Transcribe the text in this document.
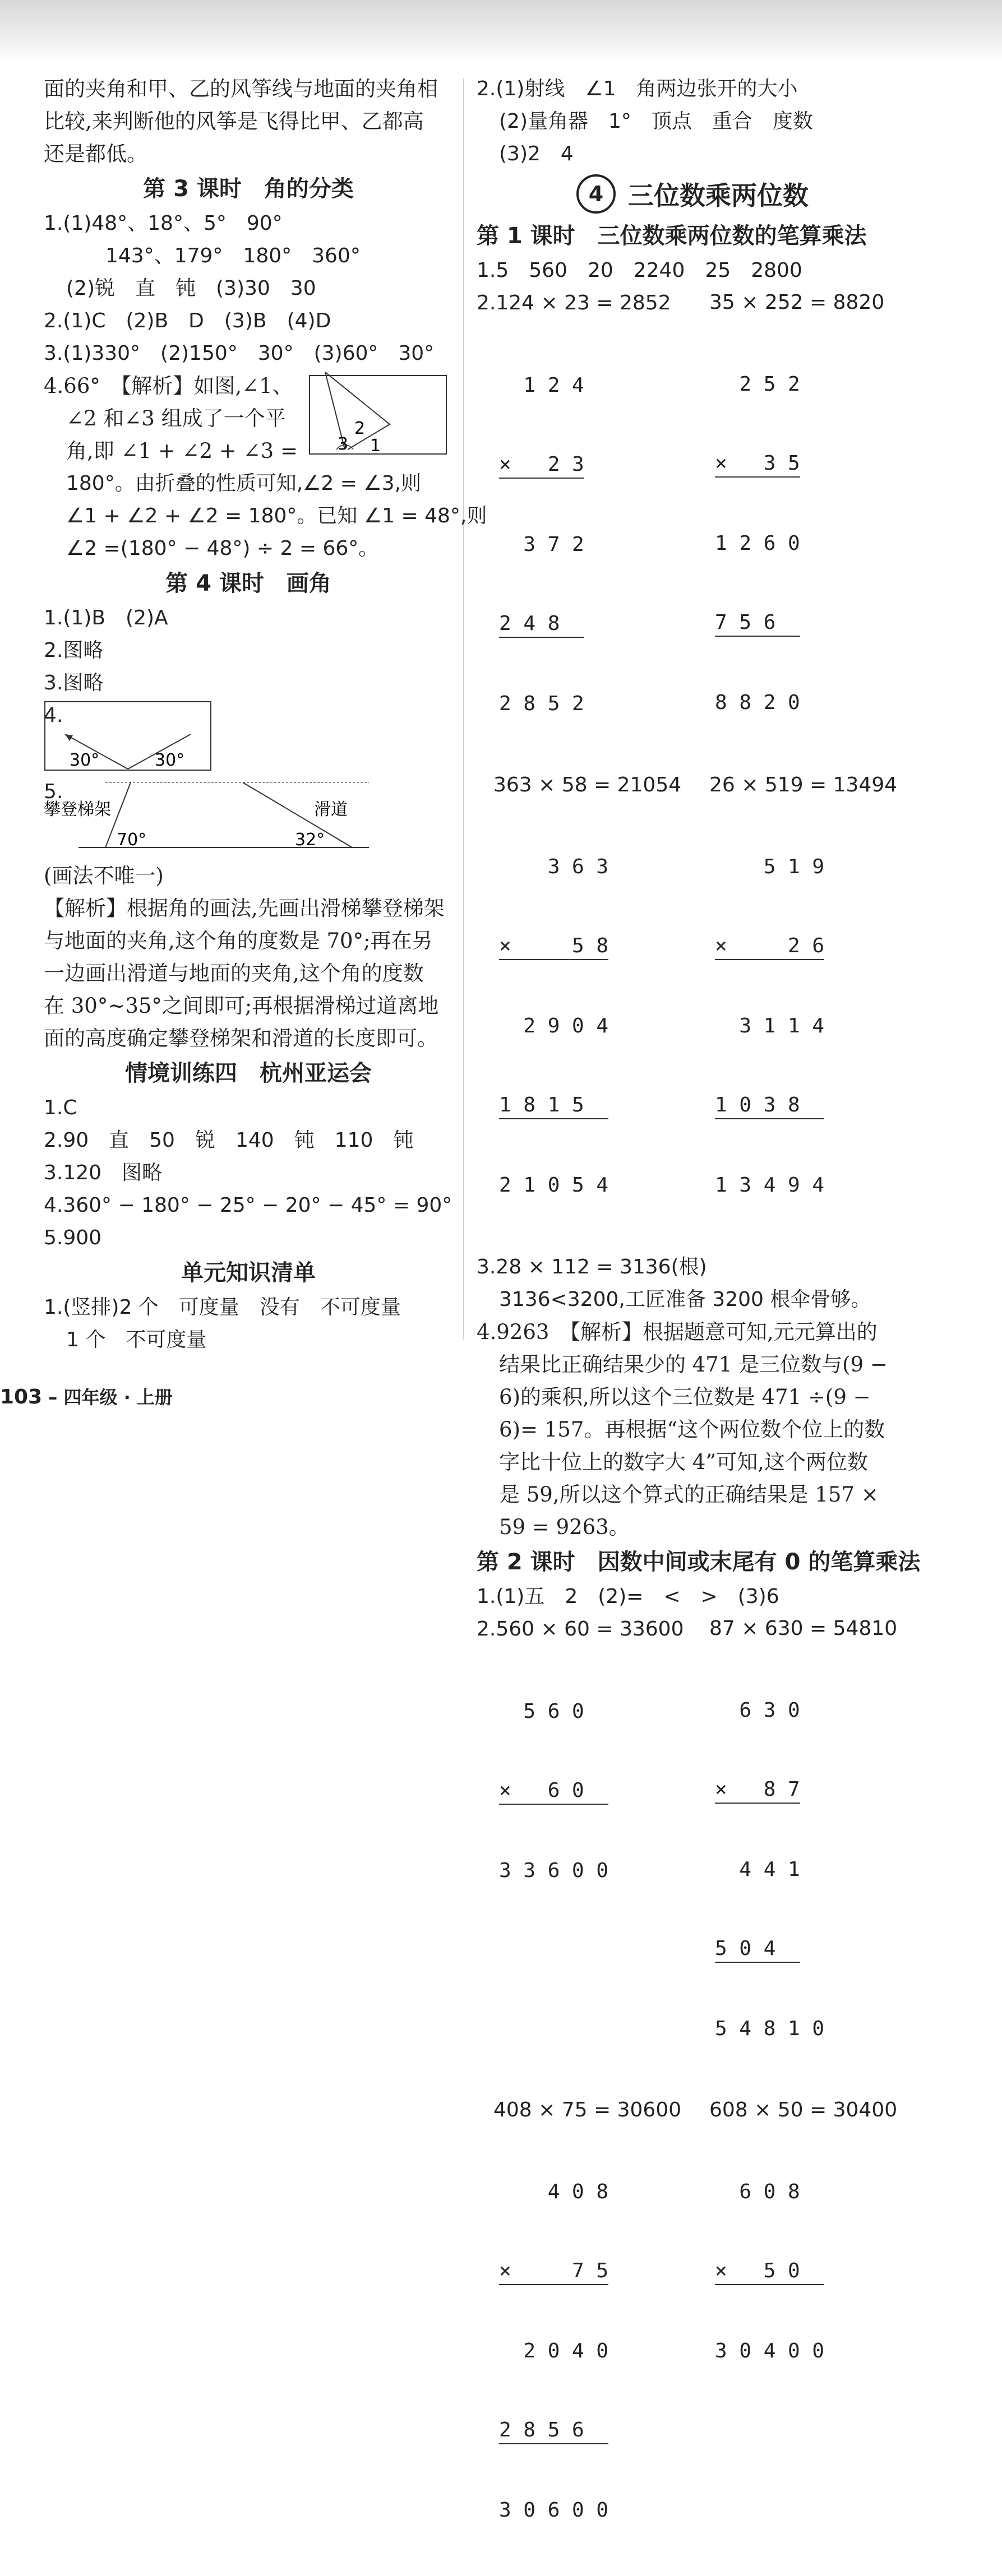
面的夹角和甲、乙的风筝线与地面的夹角相

比较,来判断他的风筝是飞得比甲、乙都高

还是都低。

第 3 课时　角的分类

1.(1)48°、18°、5°　90°

143°、179°　180°　360°

(2)锐　直　钝　(3)30　30

2.(1)C　(2)B　D　(3)B　(4)D

3.(1)330°　(2)150°　30°　(3)60°　30°

4.66°　【解析】如图,∠1、

∠2 和∠3 组成了一个平

角,即 ∠1 + ∠2 + ∠3 =	3
2
1

180°。由折叠的性质可知,∠2 = ∠3,则

∠1 + ∠2 + ∠2 = 180°。已知 ∠1 = 48°,则

∠2 =(180° − 48°) ÷ 2 = 66°。

第 4 课时　画角

1.(1)B　(2)A

2.图略

3.图略

4.
30°	30°
5.
攀登梯架	滑道
70°	32°

(画法不唯一)

【解析】根据角的画法,先画出滑梯攀登梯架

与地面的夹角,这个角的度数是 70°;再在另

一边画出滑道与地面的夹角,这个角的度数

在 30°~35°之间即可;再根据滑梯过道离地

面的高度确定攀登梯架和滑道的长度即可。

情境训练四　杭州亚运会

1.C

2.90　直　50　锐　140　钝　110　钝

3.120　图略

4.360° − 180° − 25° − 20° − 45° = 90°

5.900

单元知识清单

1.(竖排)2 个　可度量　没有　不可度量

1 个　不可度量

2.(1)射线　∠1　角两边张开的大小

(2)量角器　1°　顶点　重合　度数

(3)2　4

4 三位数乘两位数
第 1 课时　三位数乘两位数的笔算乘法

1.5　560　20　2240　25　2800

2.124 × 23 = 2852

1 2 4

×   2 3

3 7 2

2 4 8

2 8 5 2

35 × 252 = 8820

2 5 2

×   3 5

1 2 6 0

7 5 6

8 8 2 0

363 × 58 = 21054

3 6 3

×     5 8

2 9 0 4

1 8 1 5

2 1 0 5 4

26 × 519 = 13494

5 1 9

×     2 6

3 1 1 4

1 0 3 8

1 3 4 9 4

3.28 × 112 = 3136(根)

3136<3200,工匠准备 3200 根伞骨够。

4.9263　【解析】根据题意可知,元元算出的

结果比正确结果少的 471 是三位数与(9 −

6)的乘积,所以这个三位数是 471 ÷(9 −

6)= 157。再根据“这个两位数个位上的数

字比十位上的数字大 4”可知,这个两位数

是 59,所以这个算式的正确结果是 157 ×

59 = 9263。

第 2 课时　因数中间或末尾有 0 的笔算乘法

1.(1)五　2　(2)=　<　>　(3)6

2.560 × 60 = 33600

5 6 0

×   6 0

3 3 6 0 0

87 × 630 = 54810

6 3 0

×   8 7

4 4 1

5 0 4

5 4 8 1 0

408 × 75 = 30600

4 0 8

×     7 5

2 0 4 0

2 8 5 6

3 0 6 0 0

608 × 50 = 30400

6 0 8

×   5 0

3 0 4 0 0

103 – 四年级 · 上册
